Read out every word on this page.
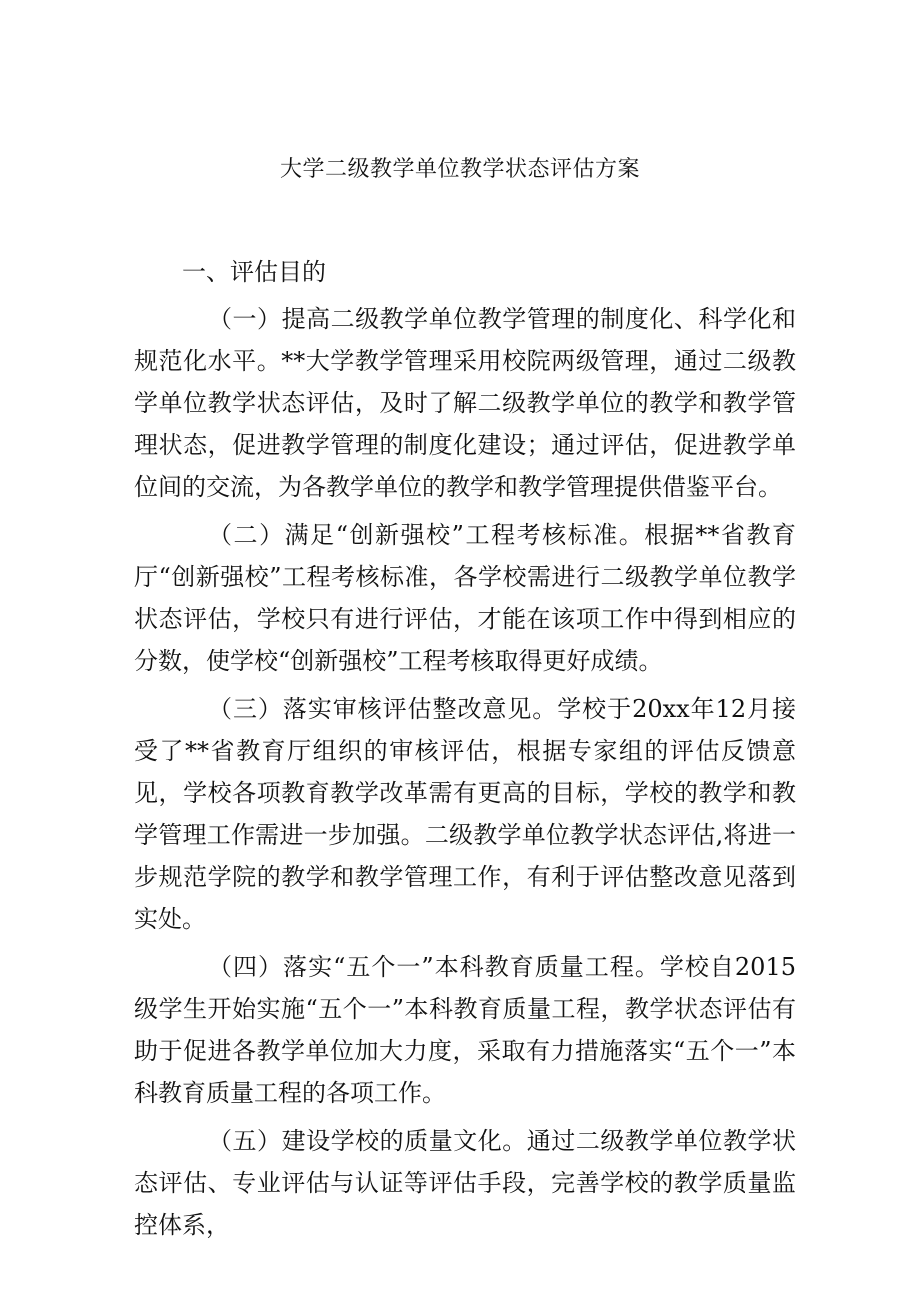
大学二级教学单位教学状态评估方案

一、评估目的

（一）提高二级教学单位教学管理的制度化、科学化和规范化水平。**大学教学管理采用校院两级管理，通过二级教学单位教学状态评估，及时了解二级教学单位的教学和教学管理状态，促进教学管理的制度化建设；通过评估，促进教学单位间的交流，为各教学单位的教学和教学管理提供借鉴平台。

（二）满足“创新强校”工程考核标准。根据**省教育厅“创新强校”工程考核标准，各学校需进行二级教学单位教学状态评估，学校只有进行评估，才能在该项工作中得到相应的分数，使学校“创新强校”工程考核取得更好成绩。

（三）落实审核评估整改意见。学校于20xx年12月接受了**省教育厅组织的审核评估，根据专家组的评估反馈意见，学校各项教育教学改革需有更高的目标，学校的教学和教学管理工作需进一步加强。二级教学单位教学状态评估,将进一步规范学院的教学和教学管理工作，有利于评估整改意见落到实处。

（四）落实“五个一”本科教育质量工程。学校自2015级学生开始实施“五个一”本科教育质量工程，教学状态评估有助于促进各教学单位加大力度，采取有力措施落实“五个一”本科教育质量工程的各项工作。

（五）建设学校的质量文化。通过二级教学单位教学状态评估、专业评估与认证等评估手段，完善学校的教学质量监控体系，
